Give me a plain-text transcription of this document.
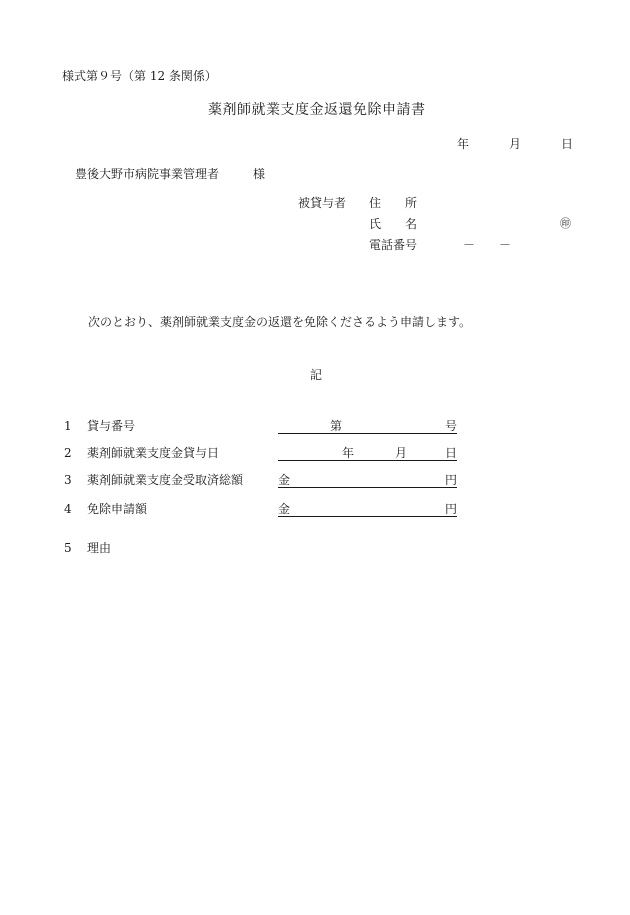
様式第９号（第 12 条関係）
薬剤師就業支度金返還免除申請書
年	月	日
豊後大野市病院事業管理者	様
被貸与者 住 所
氏 名	㊞
電話番号	－ －
次のとおり、薬剤師就業支度金の返還を免除くださるよう申請します。
記
1 貸与番号	第	号
2 薬剤師就業支度金貸与日	年	月	日
3 薬剤師就業支度金受取済総額	金	円
4 免除申請額	金	円
5 理由
